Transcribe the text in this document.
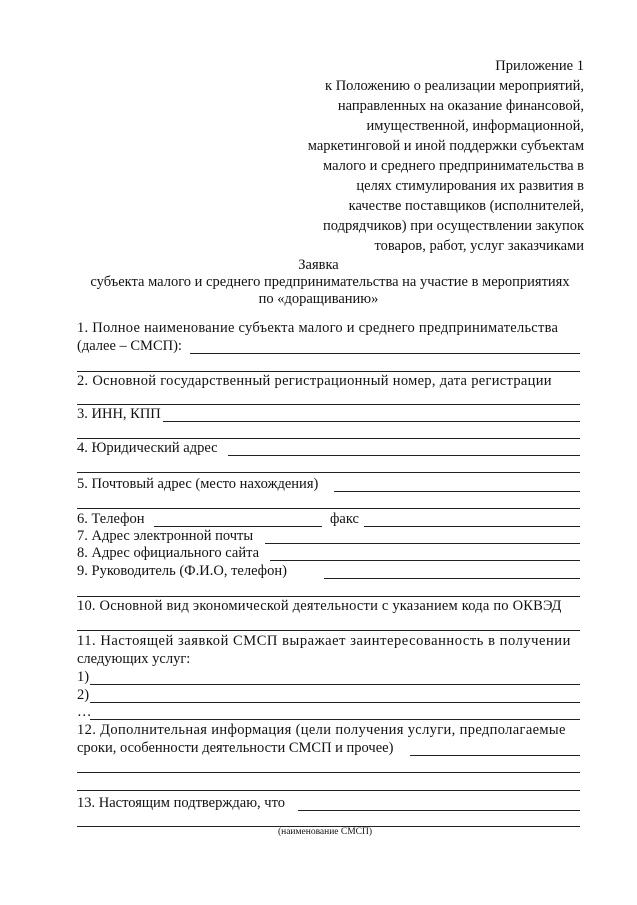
Приложение 1
к Положению о реализации мероприятий,
направленных на оказание финансовой,
имущественной, информационной,
маркетинговой и иной поддержки субъектам
малого и среднего предпринимательства в
целях стимулирования их развития в
качестве поставщиков (исполнителей,
подрядчиков) при осуществлении закупок
товаров, работ, услуг заказчиками
Заявка
субъекта малого и среднего предпринимательства на участие в мероприятиях
по «доращиванию»
1. Полное наименование субъекта малого и среднего предпринимательства
(далее – СМСП):
2. Основной государственный регистрационный номер, дата регистрации
3. ИНН, КПП
4. Юридический адрес
5. Почтовый адрес (место нахождения)
6. Телефон	факс
7. Адрес электронной почты
8. Адрес официального сайта
9. Руководитель (Ф.И.О, телефон)
10. Основной вид экономической деятельности с указанием кода по ОКВЭД
11. Настоящей заявкой СМСП выражает заинтересованность в получении
следующих услуг:
1)
2)
…
12. Дополнительная информация (цели получения услуги, предполагаемые
сроки, особенности деятельности СМСП и прочее)
13. Настоящим подтверждаю, что
(наименование СМСП)
